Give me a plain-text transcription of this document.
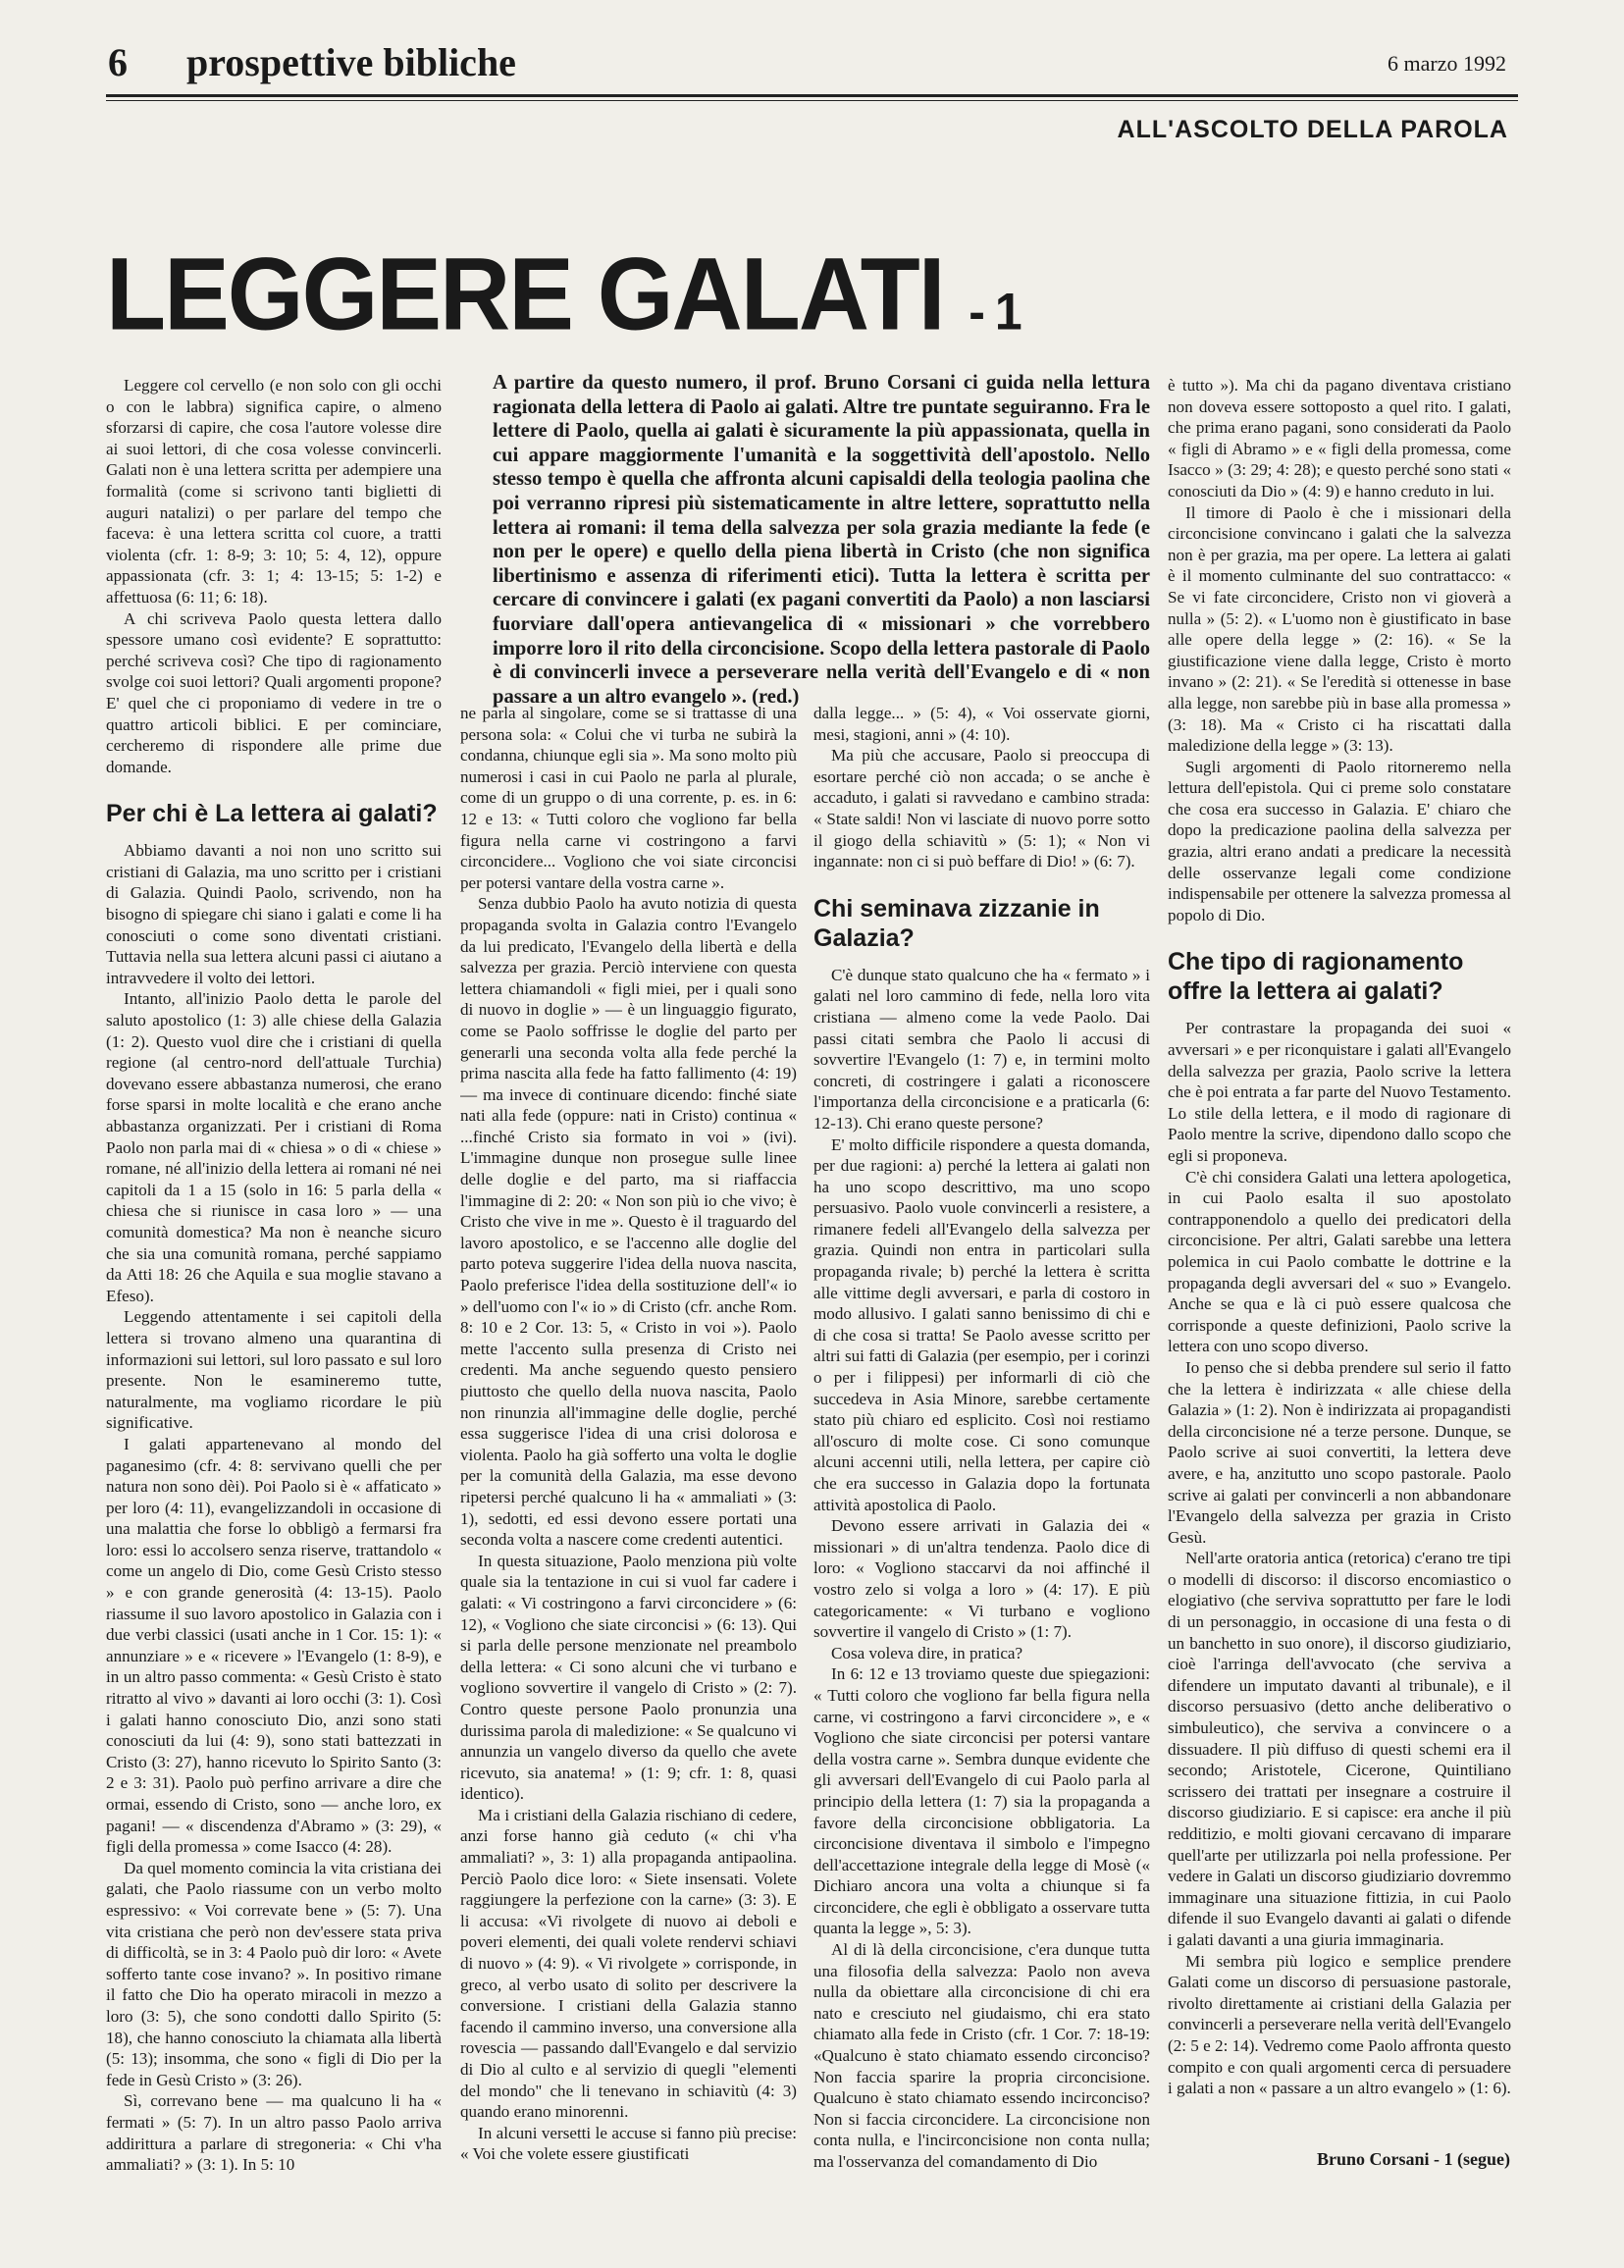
6 prospettive bibliche	6 marzo 1992
ALL'ASCOLTO DELLA PAROLA
LEGGERE GALATI - 1
A partire da questo numero, il prof. Bruno Corsani ci guida nella lettura ragionata della lettera di Paolo ai galati. Altre tre puntate seguiranno. Fra le lettere di Paolo, quella ai galati è sicuramente la più appassionata, quella in cui appare maggiormente l'umanità e la soggettività dell'apostolo. Nello stesso tempo è quella che affronta alcuni capisaldi della teologia paolina che poi verranno ripresi più sistematicamente in altre lettere, soprattutto nella lettera ai romani: il tema della salvezza per sola grazia mediante la fede (e non per le opere) e quello della piena libertà in Cristo (che non significa libertinismo e assenza di riferimenti etici). Tutta la lettera è scritta per cercare di convincere i galati (ex pagani convertiti da Paolo) a non lasciarsi fuorviare dall'opera antievangelica di « missionari » che vorrebbero imporre loro il rito della circoncisione. Scopo della lettera pastorale di Paolo è di convincerli invece a perseverare nella verità dell'Evangelo e di « non passare a un altro evangelo ». (red.)

Leggere col cervello (e non solo con gli occhi o con le labbra) significa capire, o almeno sforzarsi di capire, che cosa l'autore volesse dire ai suoi lettori, di che cosa volesse convincerli. Galati non è una lettera scritta per adempiere una formalità (come si scrivono tanti biglietti di auguri natalizi) o per parlare del tempo che faceva: è una lettera scritta col cuore, a tratti violenta (cfr. 1: 8-9; 3: 10; 5: 4, 12), oppure appassionata (cfr. 3: 1; 4: 13-15; 5: 1-2) e affettuosa (6: 11; 6: 18).

A chi scriveva Paolo questa lettera dallo spessore umano così evidente? E soprattutto: perché scriveva così? Che tipo di ragionamento svolge coi suoi lettori? Quali argomenti propone? E' quel che ci proponiamo di vedere in tre o quattro articoli biblici. E per cominciare, cercheremo di rispondere alle prime due domande.

Per chi è La lettera ai galati?

Abbiamo davanti a noi non uno scritto sui cristiani di Galazia, ma uno scritto per i cristiani di Galazia. Quindi Paolo, scrivendo, non ha bisogno di spiegare chi siano i galati e come li ha conosciuti o come sono diventati cristiani. Tuttavia nella sua lettera alcuni passi ci aiutano a intravvedere il volto dei lettori.

Intanto, all'inizio Paolo detta le parole del saluto apostolico (1: 3) alle chiese della Galazia (1: 2). Questo vuol dire che i cristiani di quella regione (al centro-nord dell'attuale Turchia) dovevano essere abbastanza numerosi, che erano forse sparsi in molte località e che erano anche abbastanza organizzati. Per i cristiani di Roma Paolo non parla mai di « chiesa » o di « chiese » romane, né all'inizio della lettera ai romani né nei capitoli da 1 a 15 (solo in 16: 5 parla della « chiesa che si riunisce in casa loro » — una comunità domestica? Ma non è neanche sicuro che sia una comunità romana, perché sappiamo da Atti 18: 26 che Aquila e sua moglie stavano a Efeso).

Leggendo attentamente i sei capitoli della lettera si trovano almeno una quarantina di informazioni sui lettori, sul loro passato e sul loro presente. Non le esamineremo tutte, naturalmente, ma vogliamo ricordare le più significative.

I galati appartenevano al mondo del paganesimo (cfr. 4: 8: servivano quelli che per natura non sono dèi). Poi Paolo si è « affaticato » per loro (4: 11), evangelizzandoli in occasione di una malattia che forse lo obbligò a fermarsi fra loro: essi lo accolsero senza riserve, trattandolo « come un angelo di Dio, come Gesù Cristo stesso » e con grande generosità (4: 13-15). Paolo riassume il suo lavoro apostolico in Galazia con i due verbi classici (usati anche in 1 Cor. 15: 1): « annunziare » e « ricevere » l'Evangelo (1: 8-9), e in un altro passo commenta: « Gesù Cristo è stato ritratto al vivo » davanti ai loro occhi (3: 1). Così i galati hanno conosciuto Dio, anzi sono stati conosciuti da lui (4: 9), sono stati battezzati in Cristo (3: 27), hanno ricevuto lo Spirito Santo (3: 2 e 3: 31). Paolo può perfino arrivare a dire che ormai, essendo di Cristo, sono — anche loro, ex pagani! — « discendenza d'Abramo » (3: 29), « figli della promessa » come Isacco (4: 28).

Da quel momento comincia la vita cristiana dei galati, che Paolo riassume con un verbo molto espressivo: « Voi correvate bene » (5: 7). Una vita cristiana che però non dev'essere stata priva di difficoltà, se in 3: 4 Paolo può dir loro: « Avete sofferto tante cose invano? ». In positivo rimane il fatto che Dio ha operato miracoli in mezzo a loro (3: 5), che sono condotti dallo Spirito (5: 18), che hanno conosciuto la chiamata alla libertà (5: 13); insomma, che sono « figli di Dio per la fede in Gesù Cristo » (3: 26).

Sì, correvano bene — ma qualcuno li ha « fermati » (5: 7). In un altro passo Paolo arriva addirittura a parlare di stregoneria: « Chi v'ha ammaliati? » (3: 1). In 5: 10

ne parla al singolare, come se si trattasse di una persona sola: « Colui che vi turba ne subirà la condanna, chiunque egli sia ». Ma sono molto più numerosi i casi in cui Paolo ne parla al plurale, come di un gruppo o di una corrente, p. es. in 6: 12 e 13: « Tutti coloro che vogliono far bella figura nella carne vi costringono a farvi circoncidere... Vogliono che voi siate circoncisi per potersi vantare della vostra carne ».

Senza dubbio Paolo ha avuto notizia di questa propaganda svolta in Galazia contro l'Evangelo da lui predicato, l'Evangelo della libertà e della salvezza per grazia. Perciò interviene con questa lettera chiamandoli « figli miei, per i quali sono di nuovo in doglie » — è un linguaggio figurato, come se Paolo soffrisse le doglie del parto per generarli una seconda volta alla fede perché la prima nascita alla fede ha fatto fallimento (4: 19) — ma invece di continuare dicendo: finché siate nati alla fede (oppure: nati in Cristo) continua « ...finché Cristo sia formato in voi » (ivi). L'immagine dunque non prosegue sulle linee delle doglie e del parto, ma si riaffaccia l'immagine di 2: 20: « Non son più io che vivo; è Cristo che vive in me ». Questo è il traguardo del lavoro apostolico, e se l'accenno alle doglie del parto poteva suggerire l'idea della nuova nascita, Paolo preferisce l'idea della sostituzione dell'« io » dell'uomo con l'« io » di Cristo (cfr. anche Rom. 8: 10 e 2 Cor. 13: 5, « Cristo in voi »). Paolo mette l'accento sulla presenza di Cristo nei credenti. Ma anche seguendo questo pensiero piuttosto che quello della nuova nascita, Paolo non rinunzia all'immagine delle doglie, perché essa suggerisce l'idea di una crisi dolorosa e violenta. Paolo ha già sofferto una volta le doglie per la comunità della Galazia, ma esse devono ripetersi perché qualcuno li ha « ammaliati » (3: 1), sedotti, ed essi devono essere portati una seconda volta a nascere come credenti autentici.

In questa situazione, Paolo menziona più volte quale sia la tentazione in cui si vuol far cadere i galati: « Vi costringono a farvi circoncidere » (6: 12), « Vogliono che siate circoncisi » (6: 13). Qui si parla delle persone menzionate nel preambolo della lettera: « Ci sono alcuni che vi turbano e vogliono sovvertire il vangelo di Cristo » (2: 7). Contro queste persone Paolo pronunzia una durissima parola di maledizione: « Se qualcuno vi annunzia un vangelo diverso da quello che avete ricevuto, sia anatema! » (1: 9; cfr. 1: 8, quasi identico).

Ma i cristiani della Galazia rischiano di cedere, anzi forse hanno già ceduto (« chi v'ha ammaliati? », 3: 1) alla propaganda antipaolina. Perciò Paolo dice loro: « Siete insensati. Volete raggiungere la perfezione con la carne» (3: 3). E li accusa: «Vi rivolgete di nuovo ai deboli e poveri elementi, dei quali volete rendervi schiavi di nuovo » (4: 9). « Vi rivolgete » corrisponde, in greco, al verbo usato di solito per descrivere la conversione. I cristiani della Galazia stanno facendo il cammino inverso, una conversione alla rovescia — passando dall'Evangelo e dal servizio di Dio al culto e al servizio di quegli "elementi del mondo" che li tenevano in schiavitù (4: 3) quando erano minorenni.

In alcuni versetti le accuse si fanno più precise: « Voi che volete essere giustificati

dalla legge... » (5: 4), « Voi osservate giorni, mesi, stagioni, anni » (4: 10).

Ma più che accusare, Paolo si preoccupa di esortare perché ciò non accada; o se anche è accaduto, i galati si ravvedano e cambino strada: « State saldi! Non vi lasciate di nuovo porre sotto il giogo della schiavitù » (5: 1); « Non vi ingannate: non ci si può beffare di Dio! » (6: 7).

Chi seminava zizzanie in Galazia?

C'è dunque stato qualcuno che ha « fermato » i galati nel loro cammino di fede, nella loro vita cristiana — almeno come la vede Paolo. Dai passi citati sembra che Paolo li accusi di sovvertire l'Evangelo (1: 7) e, in termini molto concreti, di costringere i galati a riconoscere l'importanza della circoncisione e a praticarla (6: 12-13). Chi erano queste persone?

E' molto difficile rispondere a questa domanda, per due ragioni: a) perché la lettera ai galati non ha uno scopo descrittivo, ma uno scopo persuasivo. Paolo vuole convincerli a resistere, a rimanere fedeli all'Evangelo della salvezza per grazia. Quindi non entra in particolari sulla propaganda rivale; b) perché la lettera è scritta alle vittime degli avversari, e parla di costoro in modo allusivo. I galati sanno benissimo di chi e di che cosa si tratta! Se Paolo avesse scritto per altri sui fatti di Galazia (per esempio, per i corinzi o per i filippesi) per informarli di ciò che succedeva in Asia Minore, sarebbe certamente stato più chiaro ed esplicito. Così noi restiamo all'oscuro di molte cose. Ci sono comunque alcuni accenni utili, nella lettera, per capire ciò che era successo in Galazia dopo la fortunata attività apostolica di Paolo.

Devono essere arrivati in Galazia dei « missionari » di un'altra tendenza. Paolo dice di loro: « Vogliono staccarvi da noi affinché il vostro zelo si volga a loro » (4: 17). E più categoricamente: « Vi turbano e vogliono sovvertire il vangelo di Cristo » (1: 7).

Cosa voleva dire, in pratica?

In 6: 12 e 13 troviamo queste due spiegazioni: « Tutti coloro che vogliono far bella figura nella carne, vi costringono a farvi circoncidere », e « Vogliono che siate circoncisi per potersi vantare della vostra carne ». Sembra dunque evidente che gli avversari dell'Evangelo di cui Paolo parla al principio della lettera (1: 7) sia la propaganda a favore della circoncisione obbligatoria. La circoncisione diventava il simbolo e l'impegno dell'accettazione integrale della legge di Mosè (« Dichiaro ancora una volta a chiunque si fa circoncidere, che egli è obbligato a osservare tutta quanta la legge », 5: 3).

Al di là della circoncisione, c'era dunque tutta una filosofia della salvezza: Paolo non aveva nulla da obiettare alla circoncisione di chi era nato e cresciuto nel giudaismo, chi era stato chiamato alla fede in Cristo (cfr. 1 Cor. 7: 18-19: «Qualcuno è stato chiamato essendo circonciso? Non faccia sparire la propria circoncisione. Qualcuno è stato chiamato essendo incirconciso? Non si faccia circoncidere. La circoncisione non conta nulla, e l'incirconcisione non conta nulla; ma l'osservanza del comandamento di Dio

è tutto »). Ma chi da pagano diventava cristiano non doveva essere sottoposto a quel rito. I galati, che prima erano pagani, sono considerati da Paolo « figli di Abramo » e « figli della promessa, come Isacco » (3: 29; 4: 28); e questo perché sono stati « conosciuti da Dio » (4: 9) e hanno creduto in lui.

Il timore di Paolo è che i missionari della circoncisione convincano i galati che la salvezza non è per grazia, ma per opere. La lettera ai galati è il momento culminante del suo contrattacco: « Se vi fate circoncidere, Cristo non vi gioverà a nulla » (5: 2). « L'uomo non è giustificato in base alle opere della legge » (2: 16). « Se la giustificazione viene dalla legge, Cristo è morto invano » (2: 21). « Se l'eredità si ottenesse in base alla legge, non sarebbe più in base alla promessa » (3: 18). Ma « Cristo ci ha riscattati dalla maledizione della legge » (3: 13).

Sugli argomenti di Paolo ritorneremo nella lettura dell'epistola. Qui ci preme solo constatare che cosa era successo in Galazia. E' chiaro che dopo la predicazione paolina della salvezza per grazia, altri erano andati a predicare la necessità delle osservanze legali come condizione indispensabile per ottenere la salvezza promessa al popolo di Dio.

Che tipo di ragionamento offre la lettera ai galati?

Per contrastare la propaganda dei suoi « avversari » e per riconquistare i galati all'Evangelo della salvezza per grazia, Paolo scrive la lettera che è poi entrata a far parte del Nuovo Testamento. Lo stile della lettera, e il modo di ragionare di Paolo mentre la scrive, dipendono dallo scopo che egli si proponeva.

C'è chi considera Galati una lettera apologetica, in cui Paolo esalta il suo apostolato contrapponendolo a quello dei predicatori della circoncisione. Per altri, Galati sarebbe una lettera polemica in cui Paolo combatte le dottrine e la propaganda degli avversari del « suo » Evangelo. Anche se qua e là ci può essere qualcosa che corrisponde a queste definizioni, Paolo scrive la lettera con uno scopo diverso.

Io penso che si debba prendere sul serio il fatto che la lettera è indirizzata « alle chiese della Galazia » (1: 2). Non è indirizzata ai propagandisti della circoncisione né a terze persone. Dunque, se Paolo scrive ai suoi convertiti, la lettera deve avere, e ha, anzitutto uno scopo pastorale. Paolo scrive ai galati per convincerli a non abbandonare l'Evangelo della salvezza per grazia in Cristo Gesù.

Nell'arte oratoria antica (retorica) c'erano tre tipi o modelli di discorso: il discorso encomiastico o elogiativo (che serviva soprattutto per fare le lodi di un personaggio, in occasione di una festa o di un banchetto in suo onore), il discorso giudiziario, cioè l'arringa dell'avvocato (che serviva a difendere un imputato davanti al tribunale), e il discorso persuasivo (detto anche deliberativo o simbuleutico), che serviva a convincere o a dissuadere. Il più diffuso di questi schemi era il secondo; Aristotele, Cicerone, Quintiliano scrissero dei trattati per insegnare a costruire il discorso giudiziario. E si capisce: era anche il più redditizio, e molti giovani cercavano di imparare quell'arte per utilizzarla poi nella professione. Per vedere in Galati un discorso giudiziario dovremmo immaginare una situazione fittizia, in cui Paolo difende il suo Evangelo davanti ai galati o difende i galati davanti a una giuria immaginaria.

Mi sembra più logico e semplice prendere Galati come un discorso di persuasione pastorale, rivolto direttamente ai cristiani della Galazia per convincerli a perseverare nella verità dell'Evangelo (2: 5 e 2: 14). Vedremo come Paolo affronta questo compito e con quali argomenti cerca di persuadere i galati a non « passare a un altro evangelo » (1: 6).

Bruno Corsani - 1 (segue)
